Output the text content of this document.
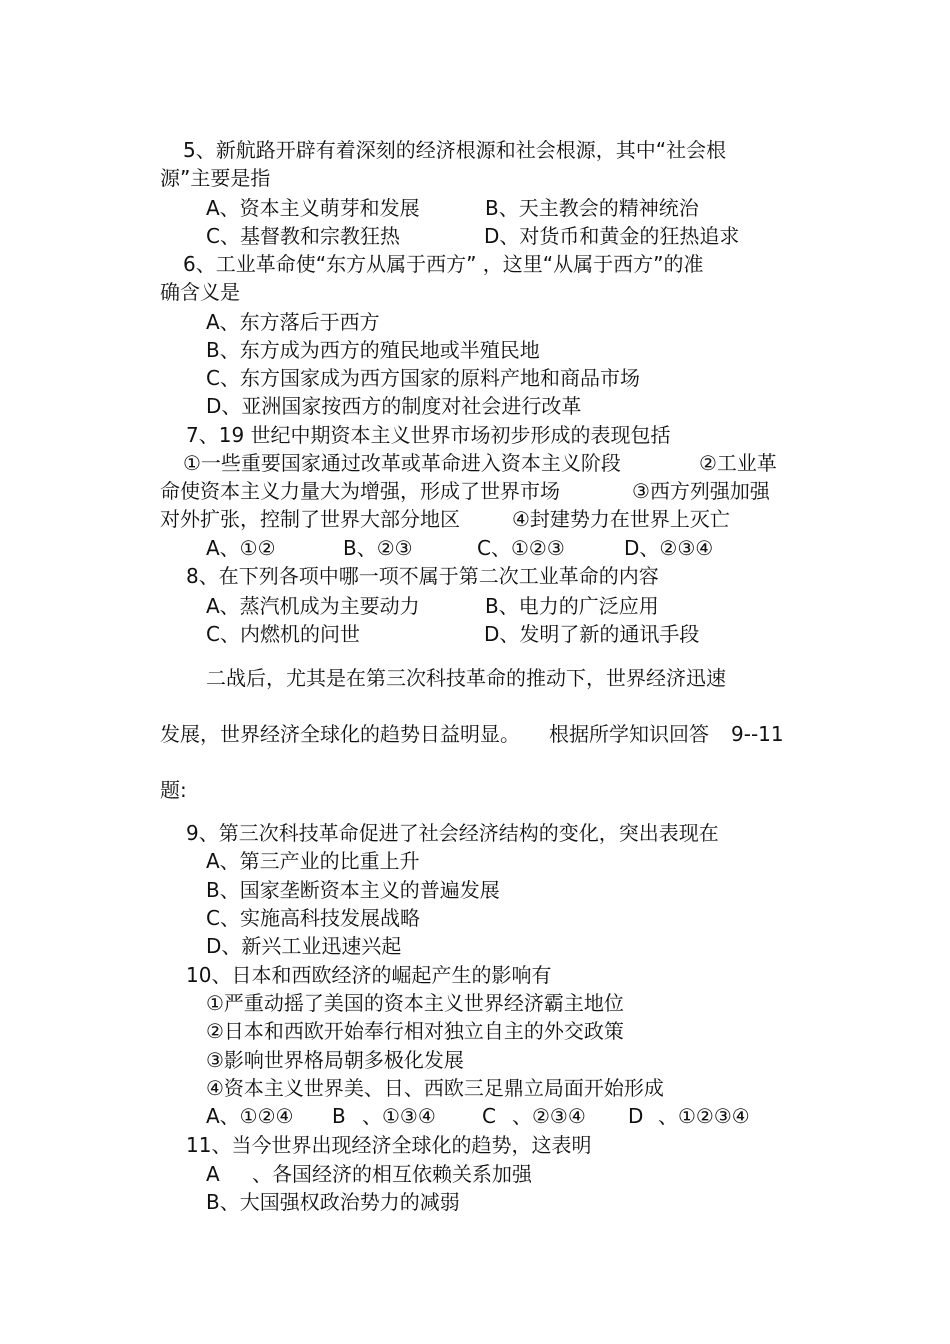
5、新航路开辟有着深刻的经济根源和社会根源，其中“社会根
源”主要是指
A、资本主义萌芽和发展	B、天主教会的精神统治
C、基督教和宗教狂热	D、对货币和黄金的狂热追求
6、工业革命使“东方从属于西方” ，这里“从属于西方”的准
确含义是
A、东方落后于西方
B、东方成为西方的殖民地或半殖民地
C、东方国家成为西方国家的原料产地和商品市场
D、亚洲国家按西方的制度对社会进行改革
7、19 世纪中期资本主义世界市场初步形成的表现包括
①一些重要国家通过改革或革命进入资本主义阶段	②工业革
命使资本主义力量大为增强，形成了世界市场	③西方列强加强
对外扩张，控制了世界大部分地区	④封建势力在世界上灭亡
A、①②	B、②③	C、①②③	D、②③④
8、在下列各项中哪一项不属于第二次工业革命的内容
A、蒸汽机成为主要动力	B、电力的广泛应用
C、内燃机的问世	D、发明了新的通讯手段
二战后，尤其是在第三次科技革命的推动下，世界经济迅速
发展，世界经济全球化的趋势日益明显。 根据所学知识回答 9--11
题:
9、第三次科技革命促进了社会经济结构的变化，突出表现在
A、第三产业的比重上升
B、国家垄断资本主义的普遍发展
C、实施高科技发展战略
D、新兴工业迅速兴起
10、日本和西欧经济的崛起产生的影响有
①严重动摇了美国的资本主义世界经济霸主地位
②日本和西欧开始奉行相对独立自主的外交政策
③影响世界格局朝多极化发展
④资本主义世界美、日、西欧三足鼎立局面开始形成
A、①②④ B 、①③④ C 、②③④ D 、①②③④
11、当今世界出现经济全球化的趋势，这表明
A 、各国经济的相互依赖关系加强
B、大国强权政治势力的减弱
